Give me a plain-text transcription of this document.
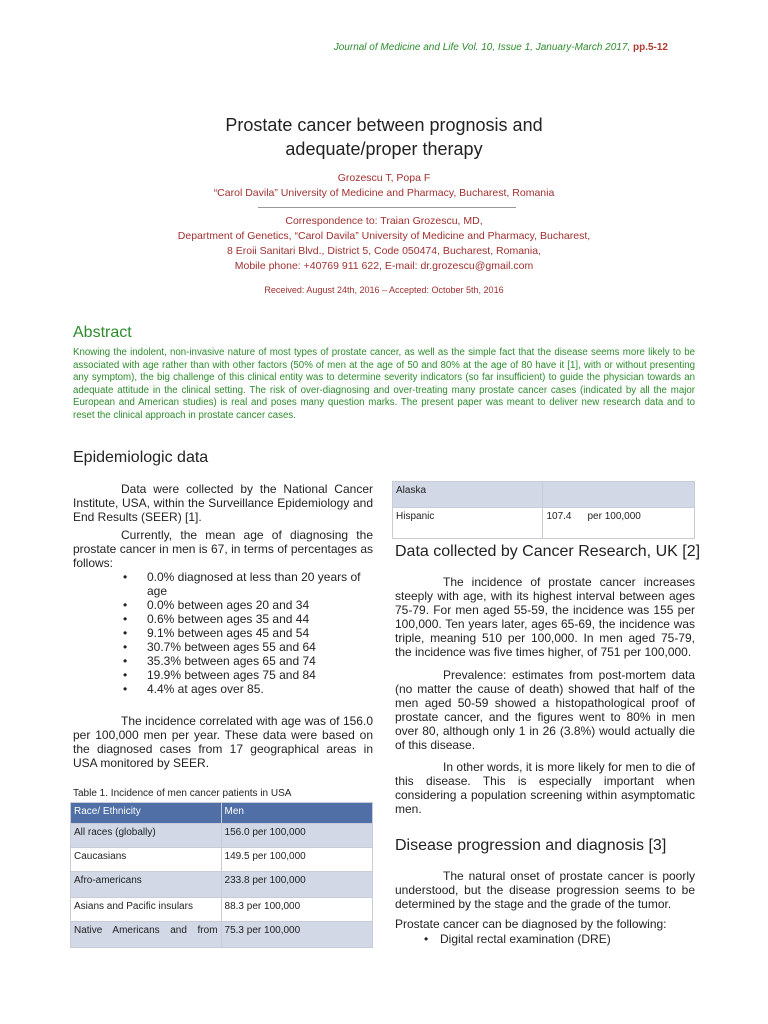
Journal of Medicine and Life Vol. 10, Issue 1, January-March 2017, pp.5-12
Prostate cancer between prognosis and
adequate/proper therapy
Grozescu T, Popa F
“Carol Davila” University of Medicine and Pharmacy, Bucharest, Romania
Correspondence to: Traian Grozescu, MD,
Department of Genetics, “Carol Davila” University of Medicine and Pharmacy, Bucharest,
8 Eroii Sanitari Blvd., District 5, Code 050474, Bucharest, Romania,
Mobile phone: +40769 911 622, E-mail: dr.grozescu@gmail.com
Received: August 24th, 2016 – Accepted: October 5th, 2016
Abstract
Knowing the indolent, non-invasive nature of most types of prostate cancer, as well as the simple fact that the disease seems more likely to be associated with age rather than with other factors (50% of men at the age of 50 and 80% at the age of 80 have it [1], with or without presenting any symptom), the big challenge of this clinical entity was to determine severity indicators (so far insufficient) to guide the physician towards an adequate attitude in the clinical setting. The risk of over-diagnosing and over-treating many prostate cancer cases (indicated by all the major European and American studies) is real and poses many question marks. The present paper was meant to deliver new research data and to reset the clinical approach in prostate cancer cases.
Epidemiologic data
Data were collected by the National Cancer Institute, USA, within the Surveillance Epidemiology and End Results (SEER) [1].
Currently, the mean age of diagnosing the prostate cancer in men is 67, in terms of percentages as follows:
• 0.0% diagnosed at less than 20 years of age
• 0.0% between ages 20 and 34
• 0.6% between ages 35 and 44
• 9.1% between ages 45 and 54
• 30.7% between ages 55 and 64
• 35.3% between ages 65 and 74
• 19.9% between ages 75 and 84
• 4.4% at ages over 85.
The incidence correlated with age was of 156.0 per 100,000 men per year. These data were based on the diagnosed cases from 17 geographical areas in USA monitored by SEER.
Table 1. Incidence of men cancer patients in USA
Race/ Ethnicity	Men
All races (globally)	156.0 per 100,000
Caucasians	149.5 per 100,000
Afro-americans	233.8 per 100,000
Asians and Pacific insulars	88.3 per 100,000
Native Americans and from	75.3 per 100,000
Alaska	
Hispanic	107.4 per 100,000
Data collected by Cancer Research, UK [2]
The incidence of prostate cancer increases steeply with age, with its highest interval between ages 75-79. For men aged 55-59, the incidence was 155 per 100,000. Ten years later, ages 65-69, the incidence was triple, meaning 510 per 100,000. In men aged 75-79, the incidence was five times higher, of 751 per 100,000.
Prevalence: estimates from post-mortem data (no matter the cause of death) showed that half of the men aged 50-59 showed a histopathological proof of prostate cancer, and the figures went to 80% in men over 80, although only 1 in 26 (3.8%) would actually die of this disease.
In other words, it is more likely for men to die of this disease. This is especially important when considering a population screening within asymptomatic men.
Disease progression and diagnosis [3]
The natural onset of prostate cancer is poorly understood, but the disease progression seems to be determined by the stage and the grade of the tumor.
Prostate cancer can be diagnosed by the following:
• Digital rectal examination (DRE)
